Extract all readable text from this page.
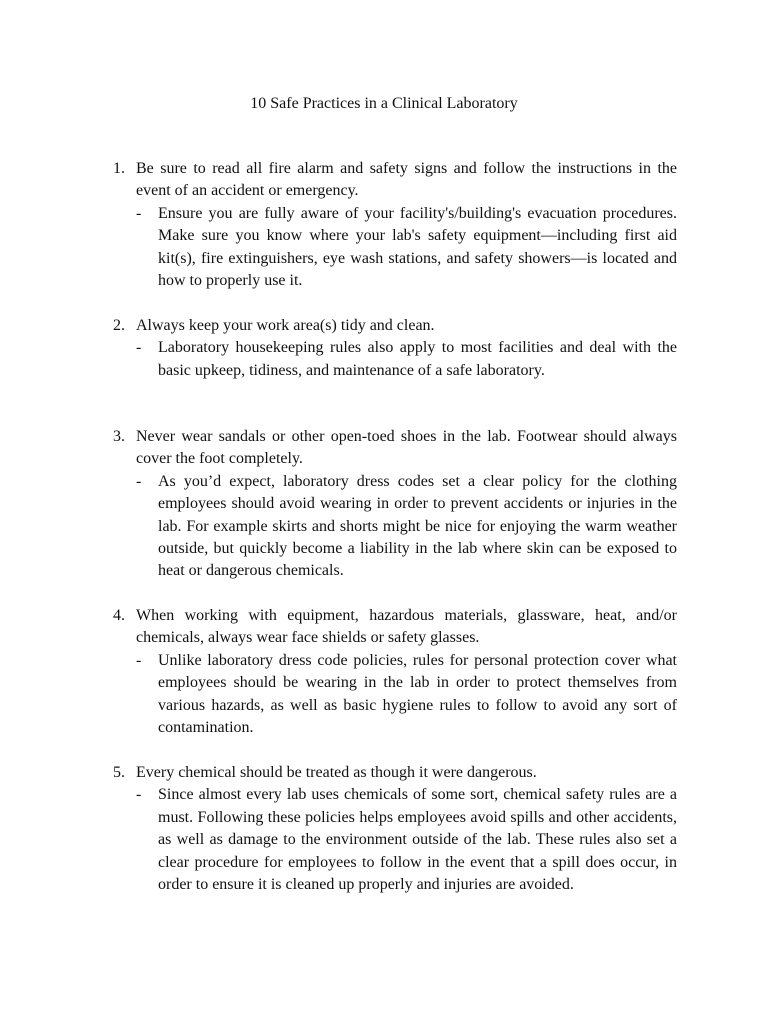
10 Safe Practices in a Clinical Laboratory
1. Be sure to read all fire alarm and safety signs and follow the instructions in the event of an accident or emergency.
- Ensure you are fully aware of your facility's/building's evacuation procedures. Make sure you know where your lab's safety equipment—including first aid kit(s), fire extinguishers, eye wash stations, and safety showers—is located and how to properly use it.
2. Always keep your work area(s) tidy and clean.
- Laboratory housekeeping rules also apply to most facilities and deal with the basic upkeep, tidiness, and maintenance of a safe laboratory.
3. Never wear sandals or other open-toed shoes in the lab. Footwear should always cover the foot completely.
- As you’d expect, laboratory dress codes set a clear policy for the clothing employees should avoid wearing in order to prevent accidents or injuries in the lab. For example skirts and shorts might be nice for enjoying the warm weather outside, but quickly become a liability in the lab where skin can be exposed to heat or dangerous chemicals.
4. When working with equipment, hazardous materials, glassware, heat, and/or chemicals, always wear face shields or safety glasses.
- Unlike laboratory dress code policies, rules for personal protection cover what employees should be wearing in the lab in order to protect themselves from various hazards, as well as basic hygiene rules to follow to avoid any sort of contamination.
5. Every chemical should be treated as though it were dangerous.
- Since almost every lab uses chemicals of some sort, chemical safety rules are a must. Following these policies helps employees avoid spills and other accidents, as well as damage to the environment outside of the lab. These rules also set a clear procedure for employees to follow in the event that a spill does occur, in order to ensure it is cleaned up properly and injuries are avoided.
